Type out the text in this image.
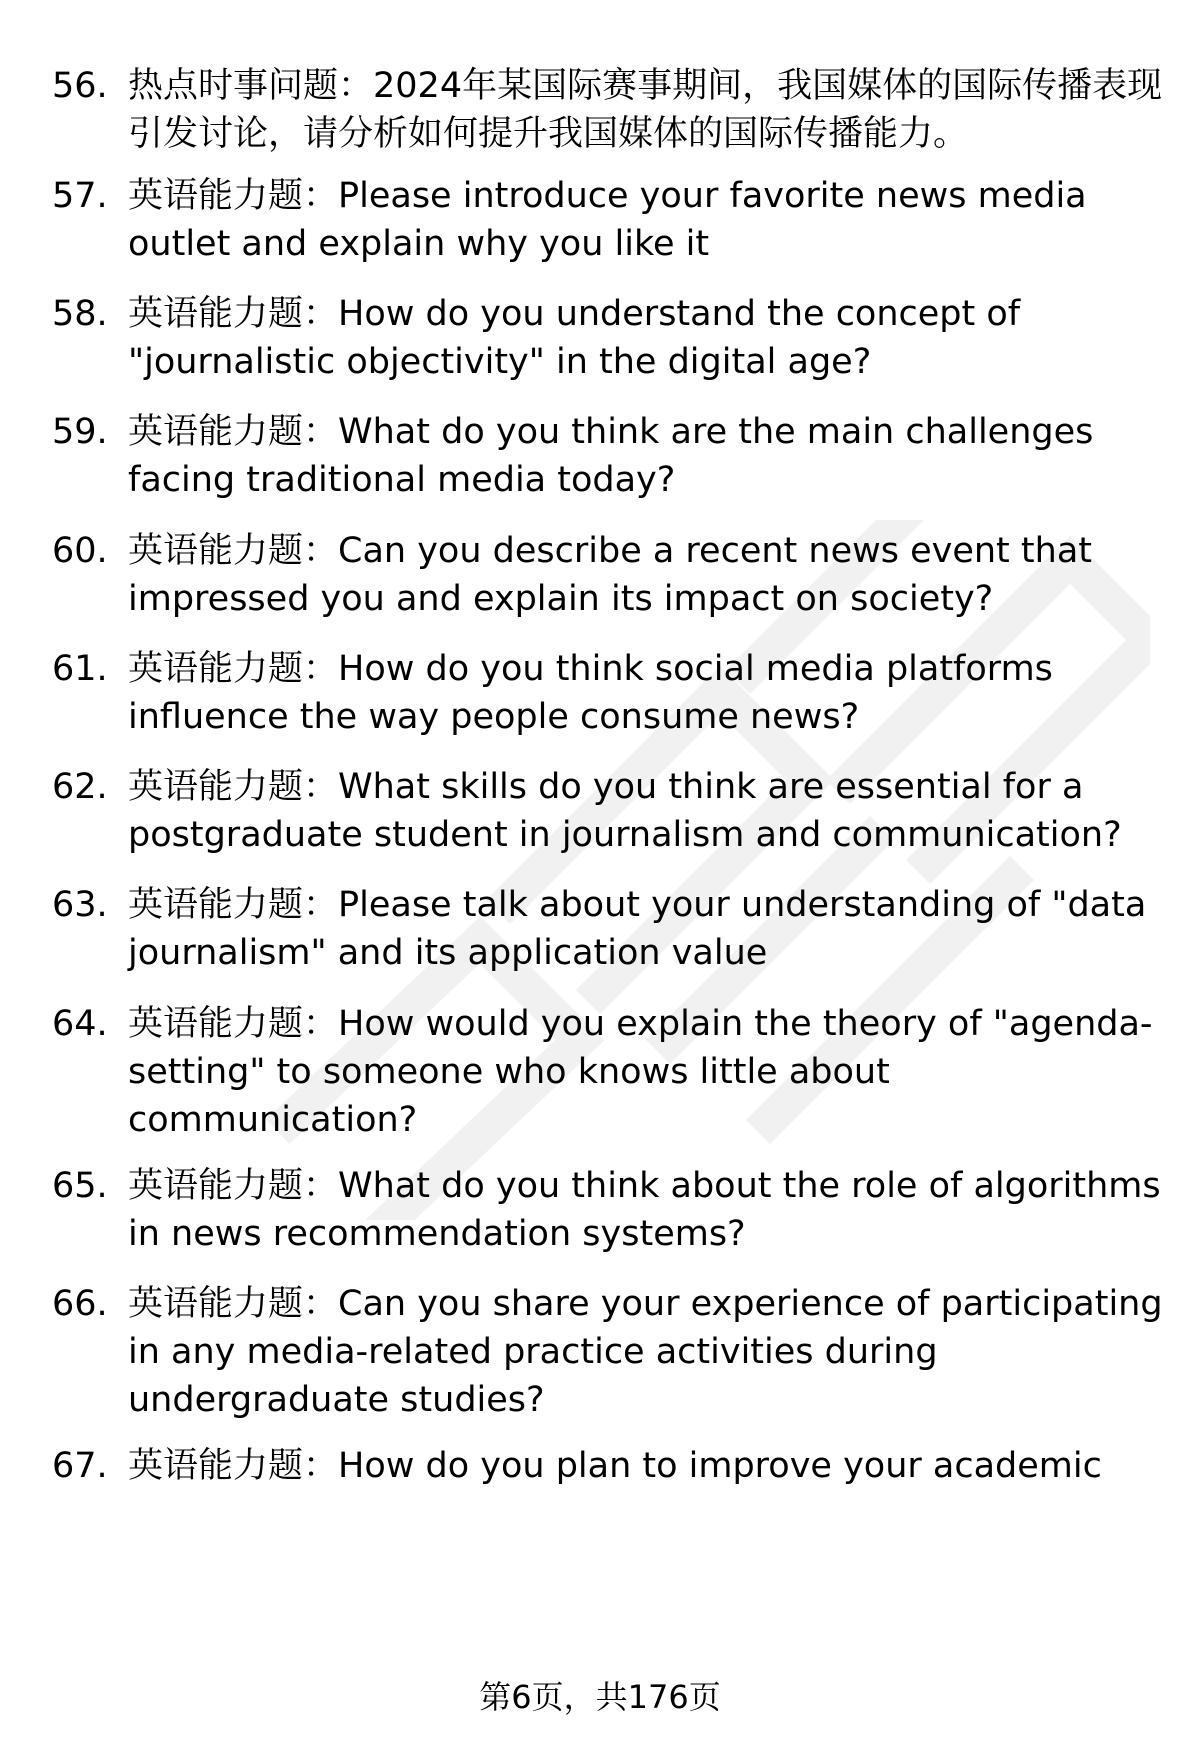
56. 热点时事问题：2024年某国际赛事期间，我国媒体的国际传播表现引发讨论，请分析如何提升我国媒体的国际传播能力。
57. 英语能力题：Please introduce your favorite news media outlet and explain why you like it
58. 英语能力题：How do you understand the concept of "journalistic objectivity" in the digital age?
59. 英语能力题：What do you think are the main challenges facing traditional media today?
60. 英语能力题：Can you describe a recent news event that impressed you and explain its impact on society?
61. 英语能力题：How do you think social media platforms influence the way people consume news?
62. 英语能力题：What skills do you think are essential for a postgraduate student in journalism and communication?
63. 英语能力题：Please talk about your understanding of "data journalism" and its application value
64. 英语能力题：How would you explain the theory of "agenda-setting" to someone who knows little about communication?
65. 英语能力题：What do you think about the role of algorithms in news recommendation systems?
66. 英语能力题：Can you share your experience of participating in any media-related practice activities during undergraduate studies?
67. 英语能力题：How do you plan to improve your academic
第6页，共176页
